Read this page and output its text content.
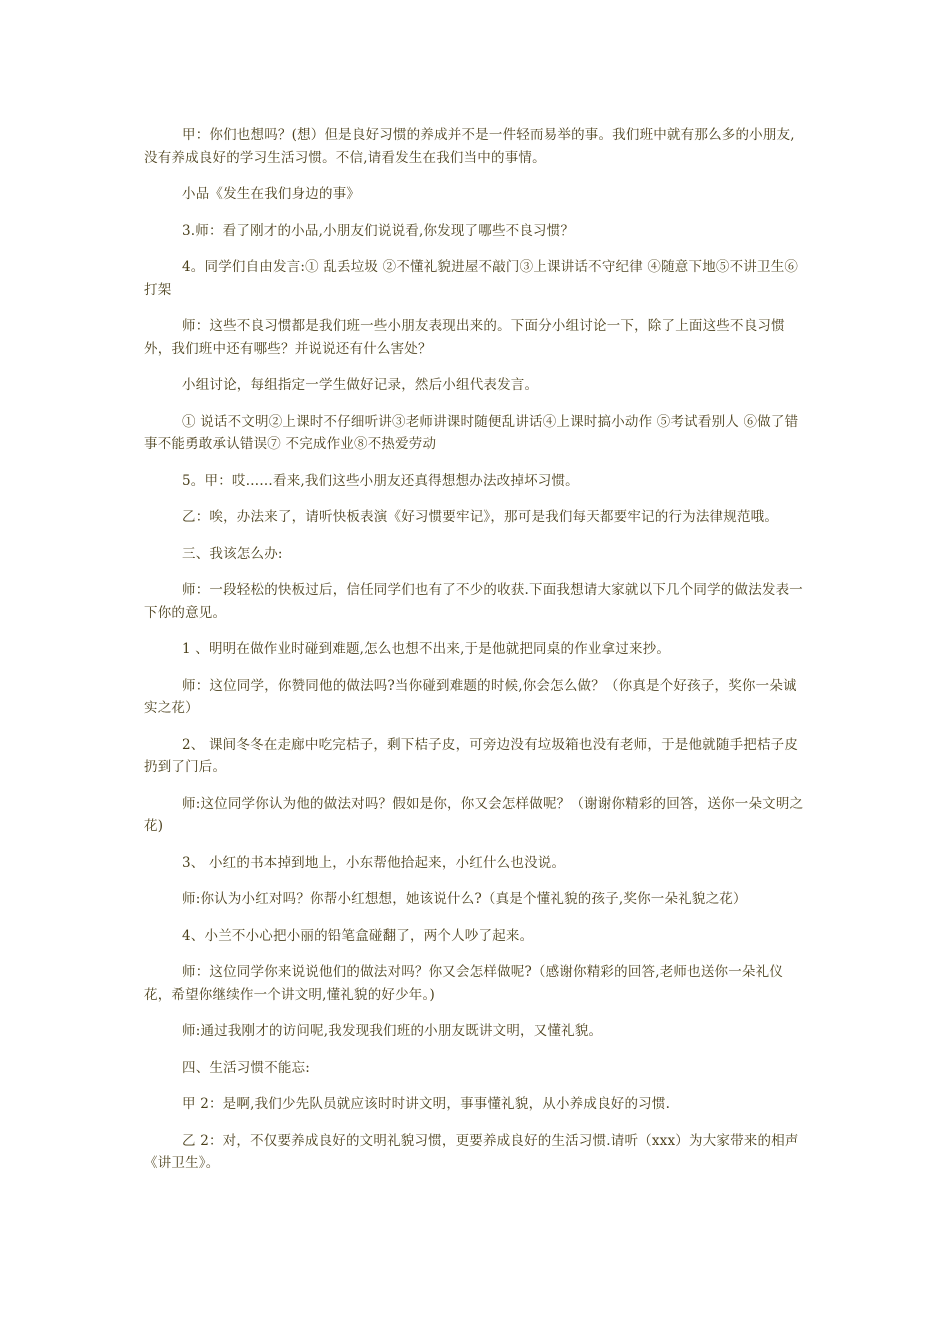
甲：你们也想吗？(想）但是良好习惯的养成并不是一件轻而易举的事。我们班中就有那么多的小朋友,没有养成良好的学习生活习惯。不信,请看发生在我们当中的事情。

小品《发生在我们身边的事》

3.师：看了刚才的小品,小朋友们说说看,你发现了哪些不良习惯？

4。同学们自由发言:① 乱丢垃圾 ②不懂礼貌进屋不敲门③上课讲话不守纪律 ④随意下地⑤不讲卫生⑥打架

师：这些不良习惯都是我们班一些小朋友表现出来的。下面分小组讨论一下，除了上面这些不良习惯外，我们班中还有哪些？并说说还有什么害处？

小组讨论，每组指定一学生做好记录，然后小组代表发言。

① 说话不文明②上课时不仔细听讲③老师讲课时随便乱讲话④上课时搞小动作 ⑤考试看别人 ⑥做了错事不能勇敢承认错误⑦ 不完成作业⑧不热爱劳动

5。甲：哎……看来,我们这些小朋友还真得想想办法改掉坏习惯。

乙：唉，办法来了，请听快板表演《好习惯要牢记》，那可是我们每天都要牢记的行为法律规范哦。

三、我该怎么办:

师：一段轻松的快板过后，信任同学们也有了不少的收获.下面我想请大家就以下几个同学的做法发表一下你的意见。

1 、明明在做作业时碰到难题,怎么也想不出来,于是他就把同桌的作业拿过来抄。

师：这位同学，你赞同他的做法吗?当你碰到难题的时候,你会怎么做？（你真是个好孩子，奖你一朵诚实之花）

2、 课间冬冬在走廊中吃完桔子，剩下桔子皮，可旁边没有垃圾箱也没有老师，于是他就随手把桔子皮扔到了门后。

师:这位同学你认为他的做法对吗？假如是你，你又会怎样做呢？（谢谢你精彩的回答，送你一朵文明之花)

3、 小红的书本掉到地上，小东帮他拾起来，小红什么也没说。

师:你认为小红对吗？你帮小红想想，她该说什么?（真是个懂礼貌的孩子,奖你一朵礼貌之花）

4、小兰不小心把小丽的铅笔盒碰翻了，两个人吵了起来。

师：这位同学你来说说他们的做法对吗？你又会怎样做呢?（感谢你精彩的回答,老师也送你一朵礼仪花，希望你继续作一个讲文明,懂礼貌的好少年。)

师:通过我刚才的访问呢,我发现我们班的小朋友既讲文明，又懂礼貌。

四、生活习惯不能忘:

甲 2：是啊,我们少先队员就应该时时讲文明，事事懂礼貌，从小养成良好的习惯.

乙 2：对，不仅要养成良好的文明礼貌习惯，更要养成良好的生活习惯.请听（xxx）为大家带来的相声《讲卫生》。
